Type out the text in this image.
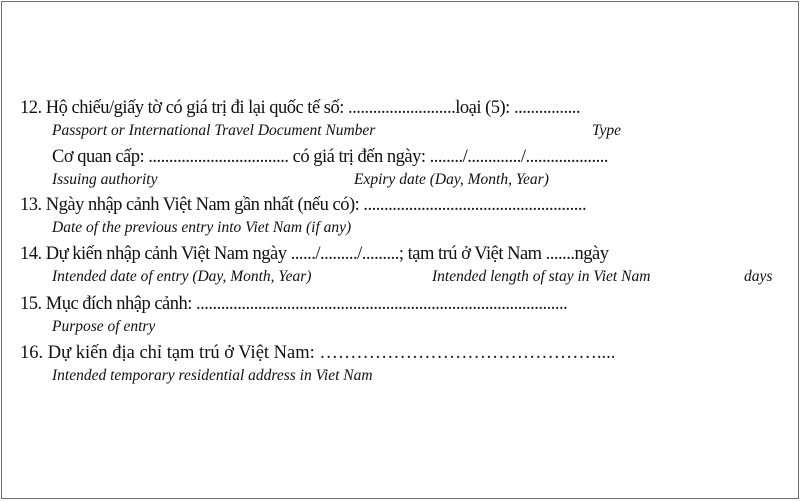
12. Hộ chiếu/giấy tờ có giá trị đi lại quốc tế số: ..........................loại (5): ................
Passport or International Travel Document Number	Type
Cơ quan cấp: .................................. có giá trị đến ngày: ......../............./....................
Issuing authority	Expiry date (Day, Month, Year)
13. Ngày nhập cảnh Việt Nam gần nhất (nếu có): ......................................................
Date of the previous entry into Viet Nam (if any)
14. Dự kiến nhập cảnh Việt Nam ngày ....../........./.........; tạm trú ở Việt Nam .......ngày
Intended date of entry (Day, Month, Year)	Intended length of stay in Viet Nam	days
15. Mục đích nhập cảnh: ..........................................................................................
Purpose of entry
16. Dự kiến địa chỉ tạm trú ở Việt Nam: ………………………………………....
Intended temporary residential address in Viet Nam
